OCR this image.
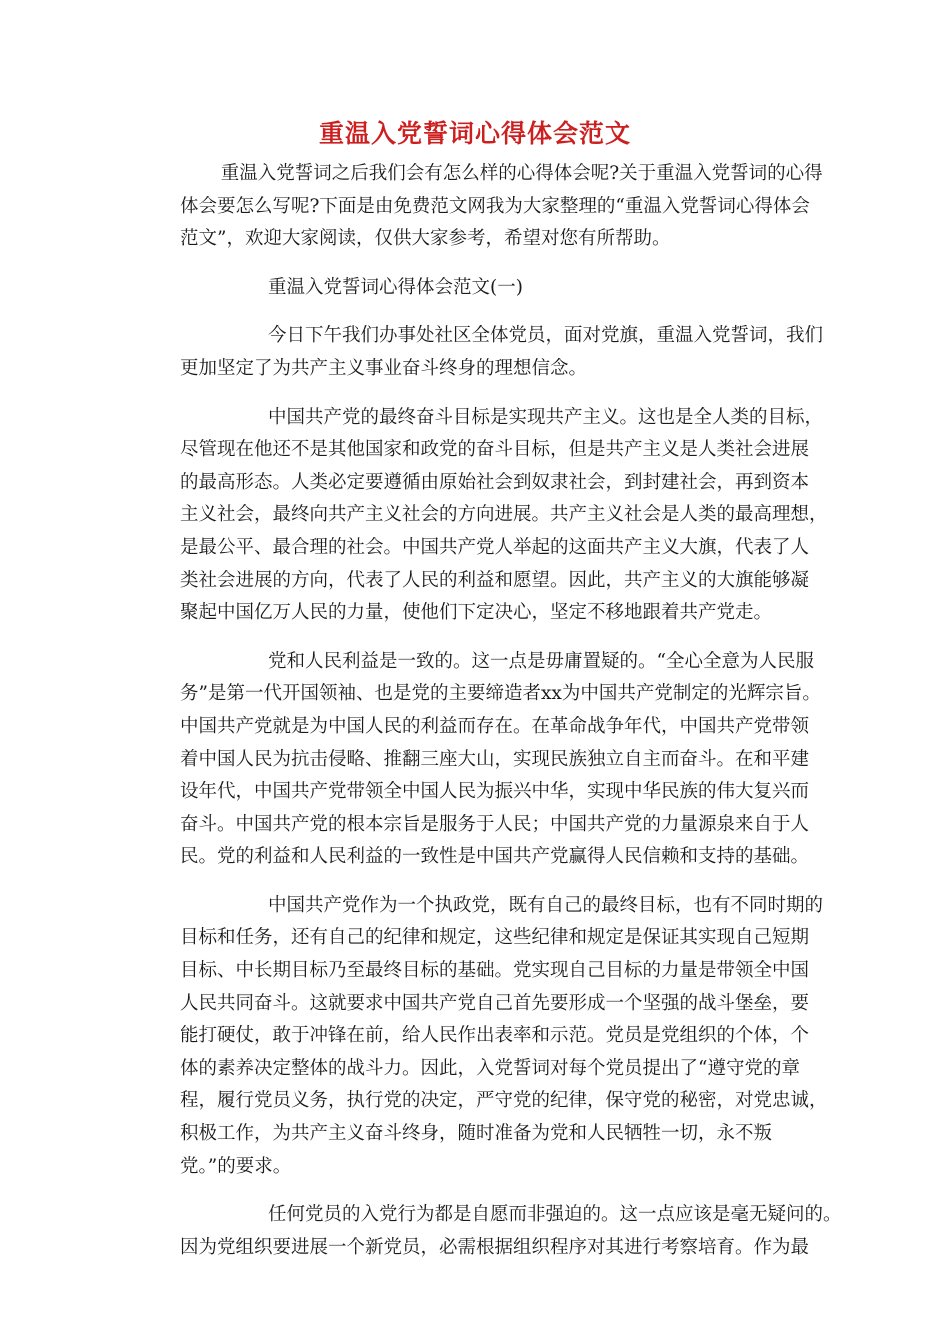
重温入党誓词心得体会范文
重温入党誓词之后我们会有怎么样的心得体会呢?关于重温入党誓词的心得
体会要怎么写呢?下面是由免费范文网我为大家整理的“重温入党誓词心得体会
范文”，欢迎大家阅读，仅供大家参考，希望对您有所帮助。
重温入党誓词心得体会范文(一)
今日下午我们办事处社区全体党员，面对党旗，重温入党誓词，我们
更加坚定了为共产主义事业奋斗终身的理想信念。
中国共产党的最终奋斗目标是实现共产主义。这也是全人类的目标，
尽管现在他还不是其他国家和政党的奋斗目标，但是共产主义是人类社会进展
的最高形态。人类必定要遵循由原始社会到奴隶社会，到封建社会，再到资本
主义社会，最终向共产主义社会的方向进展。共产主义社会是人类的最高理想，
是最公平、最合理的社会。中国共产党人举起的这面共产主义大旗，代表了人
类社会进展的方向，代表了人民的利益和愿望。因此，共产主义的大旗能够凝
聚起中国亿万人民的力量，使他们下定决心，坚定不移地跟着共产党走。
党和人民利益是一致的。这一点是毋庸置疑的。“全心全意为人民服
务”是第一代开国领袖、也是党的主要缔造者xx为中国共产党制定的光辉宗旨。
中国共产党就是为中国人民的利益而存在。在革命战争年代，中国共产党带领
着中国人民为抗击侵略、推翻三座大山，实现民族独立自主而奋斗。在和平建
设年代，中国共产党带领全中国人民为振兴中华，实现中华民族的伟大复兴而
奋斗。中国共产党的根本宗旨是服务于人民；中国共产党的力量源泉来自于人
民。党的利益和人民利益的一致性是中国共产党赢得人民信赖和支持的基础。
中国共产党作为一个执政党，既有自己的最终目标，也有不同时期的
目标和任务，还有自己的纪律和规定，这些纪律和规定是保证其实现自己短期
目标、中长期目标乃至最终目标的基础。党实现自己目标的力量是带领全中国
人民共同奋斗。这就要求中国共产党自己首先要形成一个坚强的战斗堡垒，要
能打硬仗，敢于冲锋在前，给人民作出表率和示范。党员是党组织的个体，个
体的素养决定整体的战斗力。因此，入党誓词对每个党员提出了“遵守党的章
程，履行党员义务，执行党的决定，严守党的纪律，保守党的秘密，对党忠诚，
积极工作，为共产主义奋斗终身，随时准备为党和人民牺牲一切，永不叛
党。”的要求。
任何党员的入党行为都是自愿而非强迫的。这一点应该是毫无疑问的。
因为党组织要进展一个新党员，必需根据组织程序对其进行考察培育。作为最
